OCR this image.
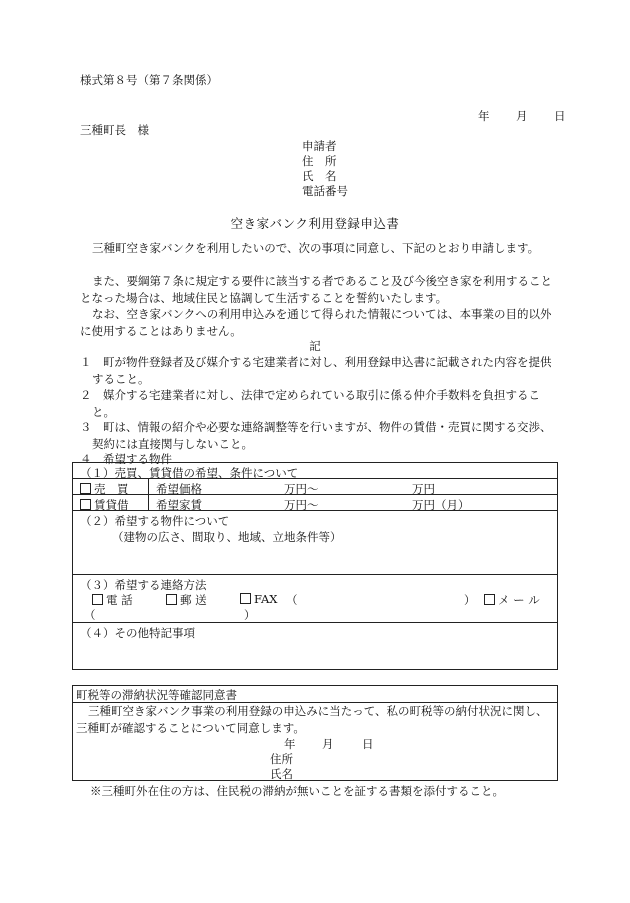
様式第８号（第７条関係）
年 月 日
三種町長　様
申請者
住　所
氏　名
電話番号
空き家バンク利用登録申込書
三種町空き家バンクを利用したいので、次の事項に同意し、下記のとおり申請します。
また、要綱第７条に規定する要件に該当する者であること及び今後空き家を利用することとなった場合は、地域住民と協調して生活することを誓約いたします。
なお、空き家バンクへの利用申込みを通じて得られた情報については、本事業の目的以外に使用することはありません。
記
１　町が物件登録者及び媒介する宅建業者に対し、利用登録申込書に記載された内容を提供すること。
２　媒介する宅建業者に対し、法律で定められている取引に係る仲介手数料を負担すること。
３　町は、情報の紹介や必要な連絡調整等を行いますが、物件の賃借・売買に関する交渉、契約には直接関与しないこと。
４　希望する物件
（１）売買、賃貸借の希望、条件について
売　買 希望価格	万円～	万円
賃貸借 希望家賃	万円～	万円（月）
（２）希望する物件について
（建物の広さ、間取り、地域、立地条件等）
（３）希望する連絡方法
電 話	郵 送	FAX （	）	メ ー ル
（	）
（４）その他特記事項
町税等の滞納状況等確認同意書
三種町空き家バンク事業の利用登録の申込みに当たって、私の町税等の納付状況に関し、三種町が確認することについて同意します。
年 月 日
住所
氏名
※三種町外在住の方は、住民税の滞納が無いことを証する書類を添付すること。
